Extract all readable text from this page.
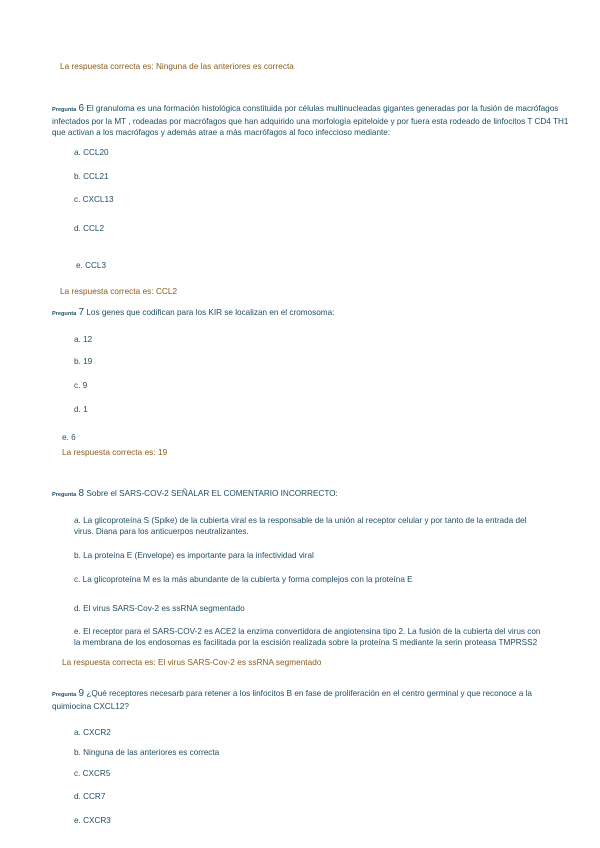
La respuesta correcta es: Ninguna de las anteriores es correcta
Pregunta 6 El granuloma es una formación histológica constituida por células multinucleadas gigantes generadas por la fusión de macrófagos infectados por la MT , rodeadas por macrófagos que han adquirido una morfología epiteloide y por fuera esta rodeado de linfocitos T CD4 TH1 que activan a los macrófagos y además atrae a más macrófagos al foco infeccioso mediante:
a. CCL20
b. CCL21
c. CXCL13
d. CCL2
e. CCL3
La respuesta correcta es: CCL2
Pregunta 7 Los genes que codifican para los KIR se localizan en el cromosoma:
a. 12
b. 19
c. 9
d. 1
e. 6
La respuesta correcta es: 19
Pregunta 8 Sobre el SARS-COV-2 SEÑALAR EL COMENTARIO INCORRECTO:
a. La glicoproteína S (Spike) de la cubierta viral es la responsable de la unión al receptor celular y por tanto de la entrada del virus. Diana para los anticuerpos neutralizantes.
b. La proteína E (Envelope) es importante para la infectividad viral
c. La glicoproteína M es la más abundante de la cubierta y forma complejos con la proteína E
d. El virus SARS-Cov-2 es ssRNA segmentado
e. El receptor para el SARS-COV-2 es ACE2 la enzima convertidora de angiotensina tipo 2. La fusión de la cubierta del virus con la membrana de los endosomas es facilitada por la escisión realizada sobre la proteína S mediante la serin proteasa TMPRSS2
La respuesta correcta es: El virus SARS-Cov-2 es ssRNA segmentado
Pregunta 9 ¿Qué receptores necesarb para retener a los linfocitos B en fase de proliferación en el centro germinal y que reconoce a la quimiocina CXCL12?
a. CXCR2
b. Ninguna de las anteriores es correcta
c. CXCR5
d. CCR7
e. CXCR3
